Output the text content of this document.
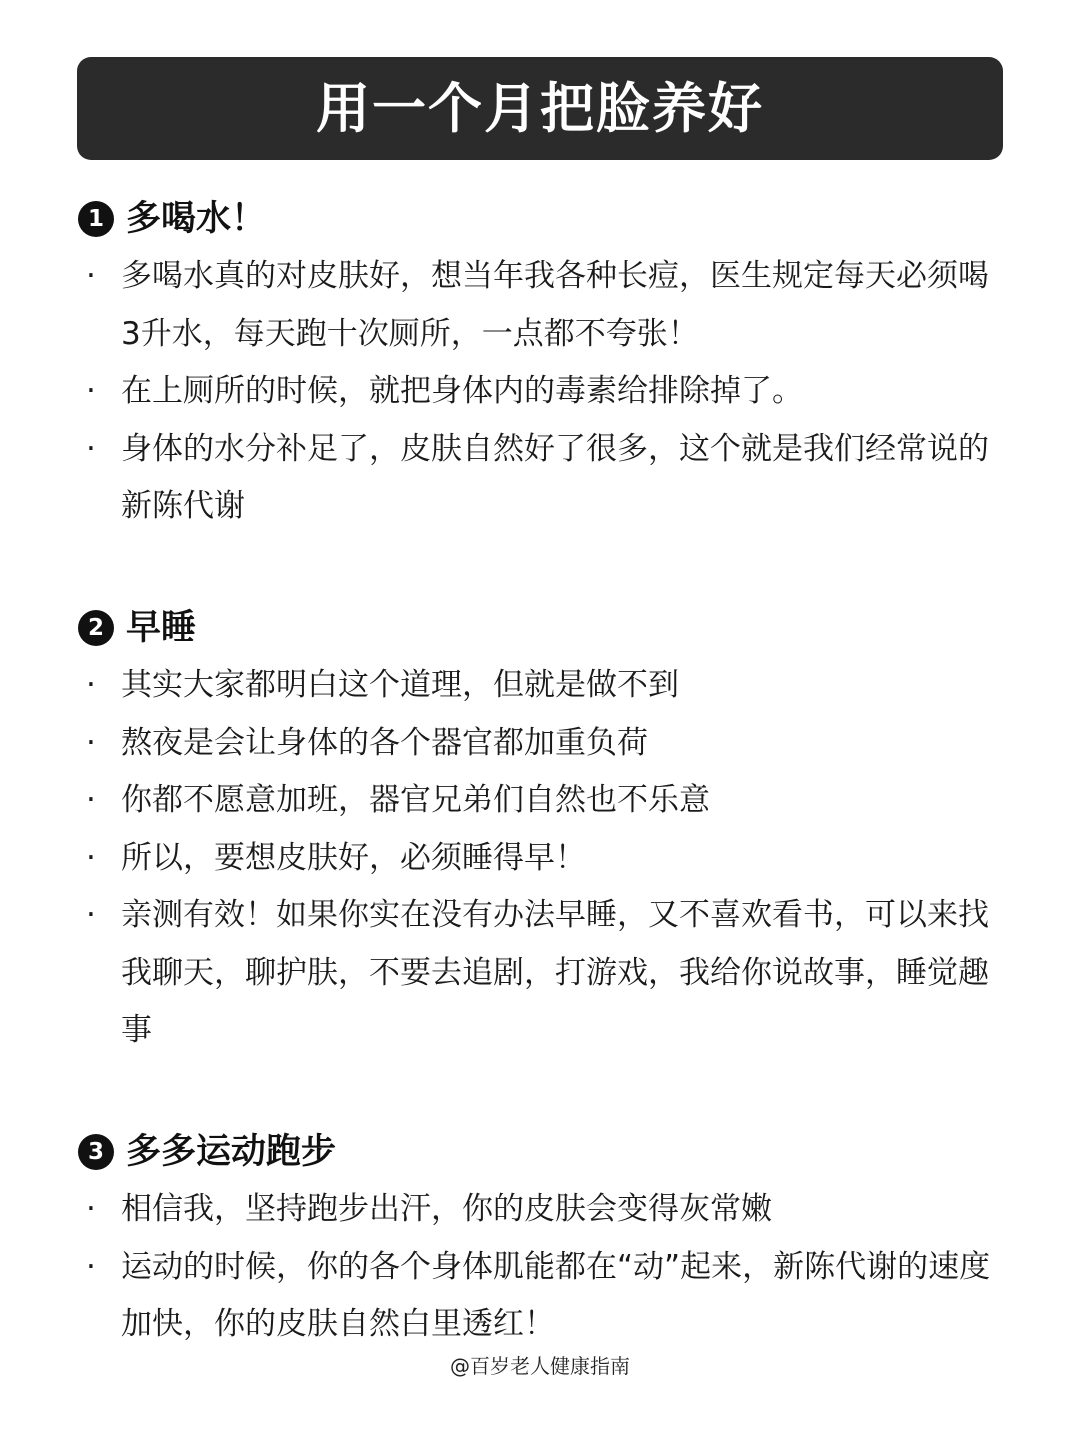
用一个月把脸养好
1 多喝水！

· 多喝水真的对皮肤好，想当年我各种长痘，医生规定每天必须喝3升水，每天跑十次厕所，一点都不夸张！

· 在上厕所的时候，就把身体内的毒素给排除掉了。

· 身体的水分补足了，皮肤自然好了很多，这个就是我们经常说的新陈代谢

2 早睡

· 其实大家都明白这个道理，但就是做不到

· 熬夜是会让身体的各个器官都加重负荷

· 你都不愿意加班，器官兄弟们自然也不乐意

· 所以，要想皮肤好，必须睡得早！

· 亲测有效！如果你实在没有办法早睡，又不喜欢看书，可以来找我聊天，聊护肤，不要去追剧，打游戏，我给你说故事，睡觉趣事

3 多多运动跑步

· 相信我，坚持跑步出汗，你的皮肤会变得灰常嫩

· 运动的时候，你的各个身体肌能都在“动”起来，新陈代谢的速度加快，你的皮肤自然白里透红！

@百岁老人健康指南
